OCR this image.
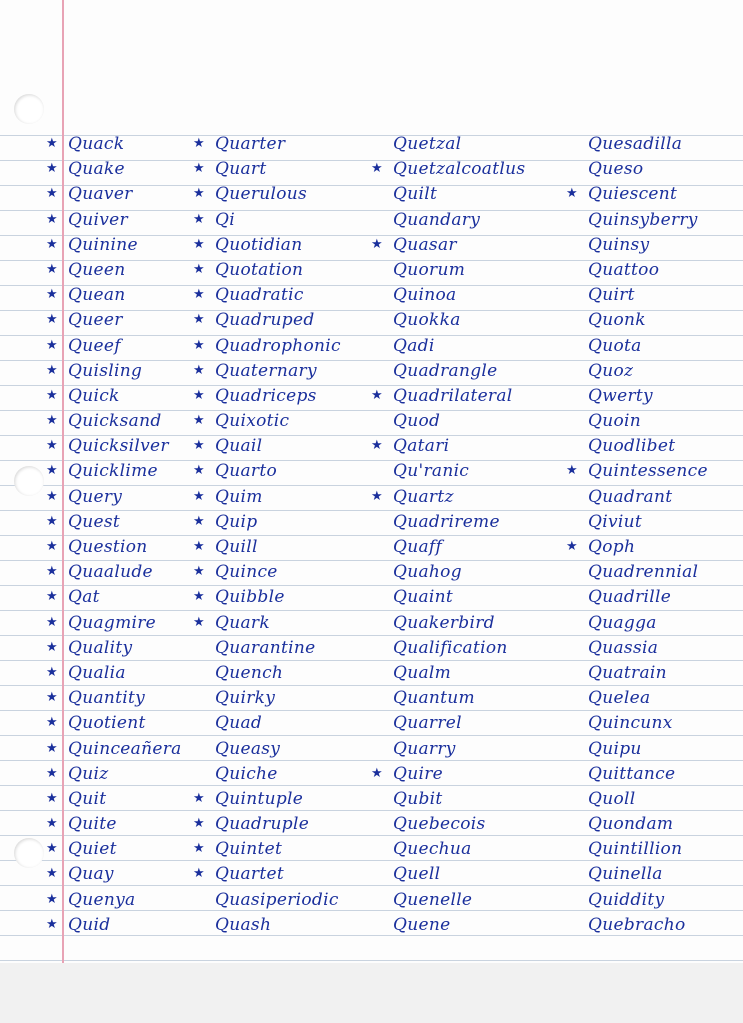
★ Quack
★ Quake
★ Quaver
★ Quiver
★ Quinine
★ Queen
★ Quean
★ Queer
★ Queef
★ Quisling
★ Quick
★ Quicksand
★ Quicksilver
★ Quicklime
★ Query
★ Quest
★ Question
★ Quaalude
★ Qat
★ Quagmire
★ Quality
★ Qualia
★ Quantity
★ Quotient
★ Quinceañera
★ Quiz
★ Quit
★ Quite
★ Quiet
★ Quay
★ Quenya
★ Quid
★ Quarter
★ Quart
★ Querulous
★ Qi
★ Quotidian
★ Quotation
★ Quadratic
★ Quadruped
★ Quadrophonic
★ Quaternary
★ Quadriceps
★ Quixotic
★ Quail
★ Quarto
★ Quim
★ Quip
★ Quill
★ Quince
★ Quibble
★ Quark
Quarantine
Quench
Quirky
Quad
Queasy
Quiche
★ Quintuple
★ Quadruple
★ Quintet
★ Quartet
Quasiperiodic
Quash
Quetzal
★ Quetzalcoatlus
Quilt
Quandary
★ Quasar
Quorum
Quinoa
Quokka
Qadi
Quadrangle
★ Quadrilateral
Quod
★ Qatari
Qu'ranic
★ Quartz
Quadrireme
Quaff
Quahog
Quaint
Quakerbird
Qualification
Qualm
Quantum
Quarrel
Quarry
★ Quire
Qubit
Quebecois
Quechua
Quell
Quenelle
Quene
Quesadilla
Queso
★ Quiescent
Quinsyberry
Quinsy
Quattoo
Quirt
Quonk
Quota
Quoz
Qwerty
Quoin
Quodlibet
★ Quintessence
Quadrant
Qiviut
★ Qoph
Quadrennial
Quadrille
Quagga
Quassia
Quatrain
Quelea
Quincunx
Quipu
Quittance
Quoll
Quondam
Quintillion
Quinella
Quiddity
Quebracho
